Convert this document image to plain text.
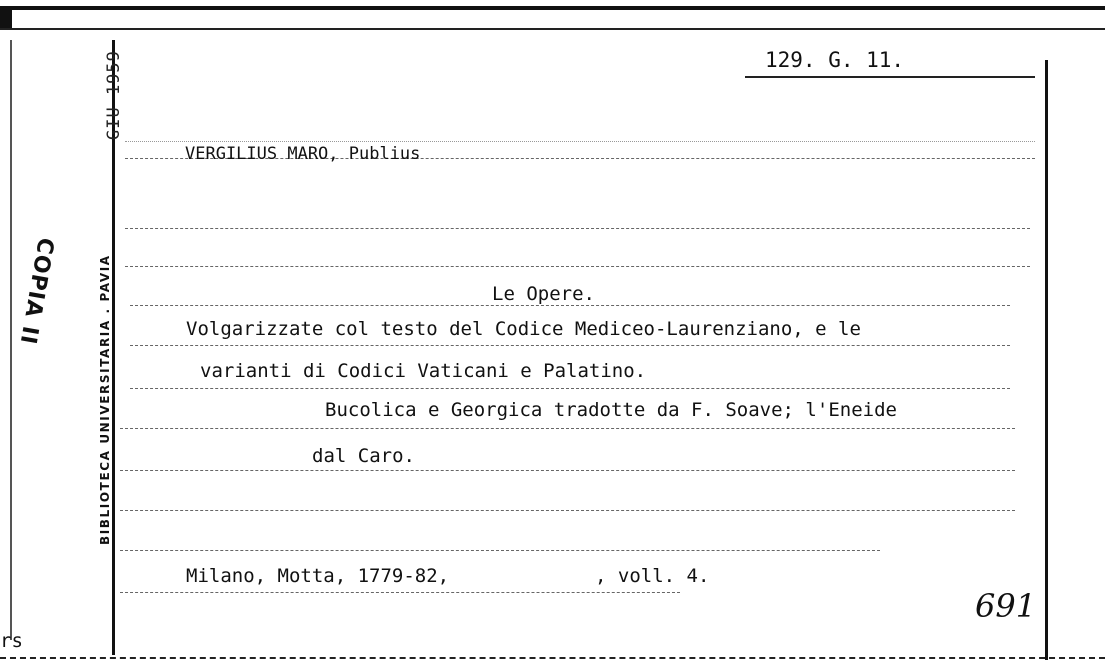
BIBLIOTECA UNIVERSITARIA . PAVIA
GIU 1959
COPIA II
129. G. 11.
VERGILIUS MARO, Publius
Le Opere.
Volgarizzate col testo del Codice Mediceo-Laurenziano, e le
varianti di Codici Vaticani e Palatino.
Bucolica e Georgica tradotte da F. Soave; l'Eneide
dal Caro.
Milano, Motta, 1779-82,	, voll. 4.
691
rs
